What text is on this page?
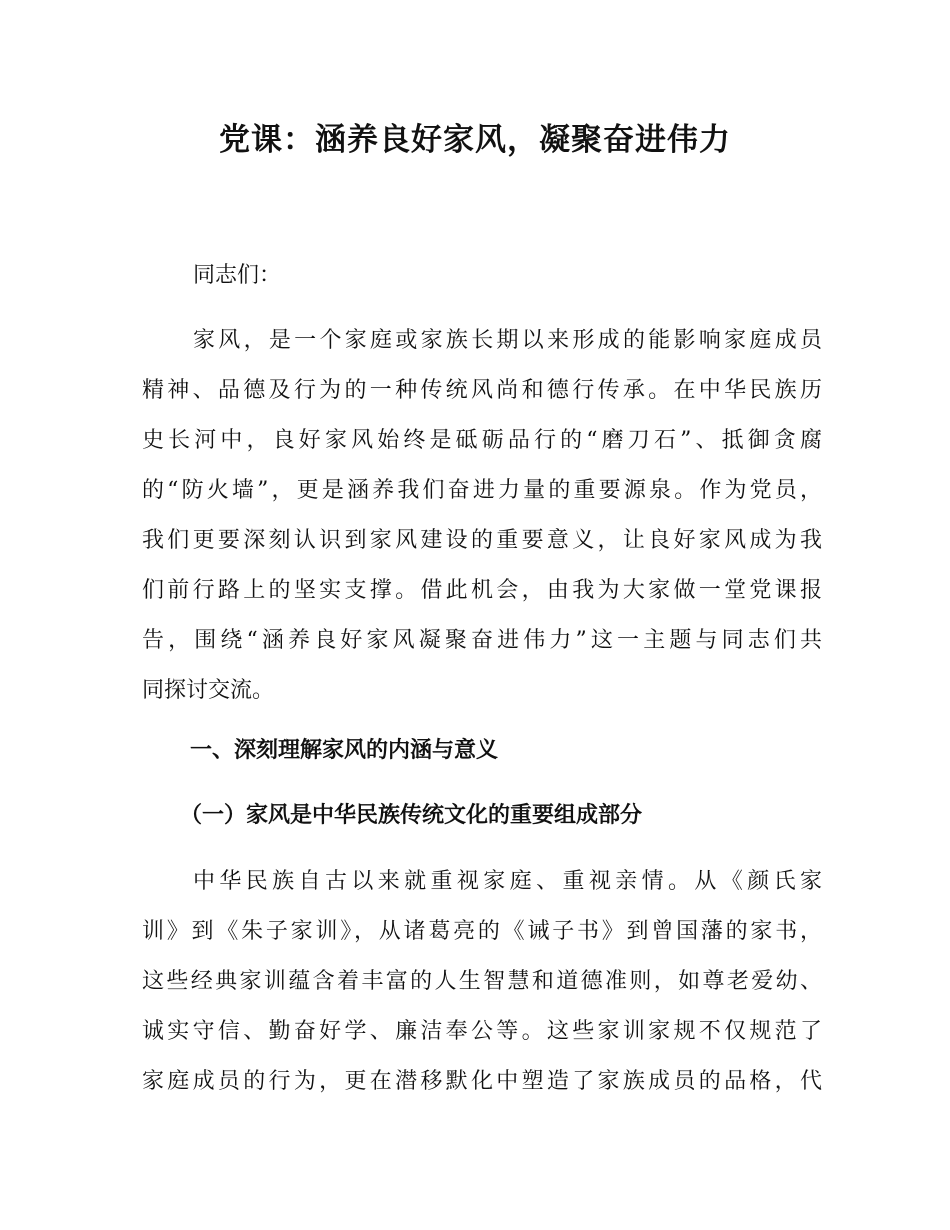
党课：涵养良好家风，凝聚奋进伟力

同志们：

家风，是一个家庭或家族长期以来形成的能影响家庭成员
精神、品德及行为的一种传统风尚和德行传承。在中华民族历
史长河中，良好家风始终是砥砺品行的“磨刀石”、抵御贪腐
的“防火墙”，更是涵养我们奋进力量的重要源泉。作为党员，
我们更要深刻认识到家风建设的重要意义，让良好家风成为我
们前行路上的坚实支撑。借此机会，由我为大家做一堂党课报
告，围绕“涵养良好家风凝聚奋进伟力”这一主题与同志们共
同探讨交流。
一、深刻理解家风的内涵与意义
（一）家风是中华民族传统文化的重要组成部分
中华民族自古以来就重视家庭、重视亲情。从《颜氏家
训》到《朱子家训》，从诸葛亮的《诫子书》到曾国藩的家书，
这些经典家训蕴含着丰富的人生智慧和道德准则，如尊老爱幼、
诚实守信、勤奋好学、廉洁奉公等。这些家训家规不仅规范了
家庭成员的行为，更在潜移默化中塑造了家族成员的品格，代
